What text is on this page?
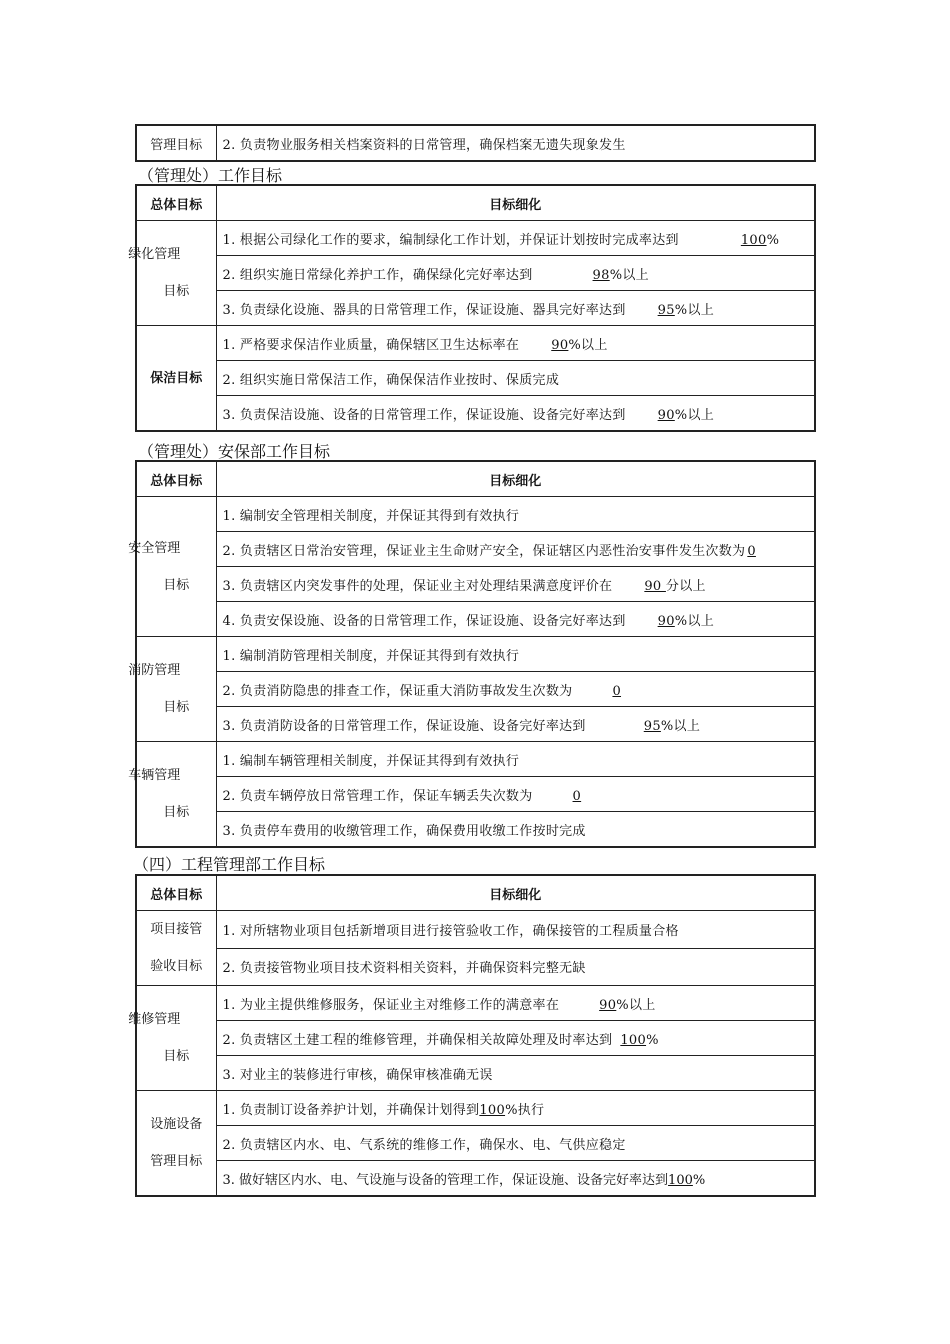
管理目标	2. 负责物业服务相关档案资料的日常管理，确保档案无遗失现象发生
（管理处）工作目标
总体目标	目标细化

绿化管理
目标	1. 根据公司绿化工作的要求，编制绿化工作计划，并保证计划按时完成率达到 100%
	2. 组织实施日常绿化养护工作，确保绿化完好率达到 98%以上
	3. 负责绿化设施、器具的日常管理工作，保证设施、器具完好率达到 95%以上

保洁目标	1. 严格要求保洁作业质量，确保辖区卫生达标率在 90%以上
	2. 组织实施日常保洁工作，确保保洁作业按时、保质完成
	3. 负责保洁设施、设备的日常管理工作，保证设施、设备完好率达到 90%以上
（管理处）安保部工作目标
总体目标	目标细化

安全管理
目标	1. 编制安全管理相关制度，并保证其得到有效执行
	2. 负责辖区日常治安管理，保证业主生命财产安全，保证辖区内恶性治安事件发生次数为 0
	3. 负责辖区内突发事件的处理，保证业主对处理结果满意度评价在 90 分以上
	4. 负责安保设施、设备的日常管理工作，保证设施、设备完好率达到 90%以上

消防管理
目标	1. 编制消防管理相关制度，并保证其得到有效执行
	2. 负责消防隐患的排查工作，保证重大消防事故发生次数为 0
	3. 负责消防设备的日常管理工作，保证设施、设备完好率达到 95%以上

车辆管理
目标	1. 编制车辆管理相关制度，并保证其得到有效执行
	2. 负责车辆停放日常管理工作，保证车辆丢失次数为 0
	3. 负责停车费用的收缴管理工作，确保费用收缴工作按时完成
（四）工程管理部工作目标
总体目标	目标细化

项目接管
验收目标	1. 对所辖物业项目包括新增项目进行接管验收工作，确保接管的工程质量合格
	2. 负责接管物业项目技术资料相关资料，并确保资料完整无缺

维修管理
目标	1. 为业主提供维修服务，保证业主对维修工作的满意率在 90%以上
	2. 负责辖区土建工程的维修管理，并确保相关故障处理及时率达到 100%
	3. 对业主的装修进行审核，确保审核准确无误

设施设备
管理目标	1. 负责制订设备养护计划，并确保计划得到100%执行
	2. 负责辖区内水、电、气系统的维修工作，确保水、电、气供应稳定
	3. 做好辖区内水、电、气设施与设备的管理工作，保证设施、设备完好率达到100%
